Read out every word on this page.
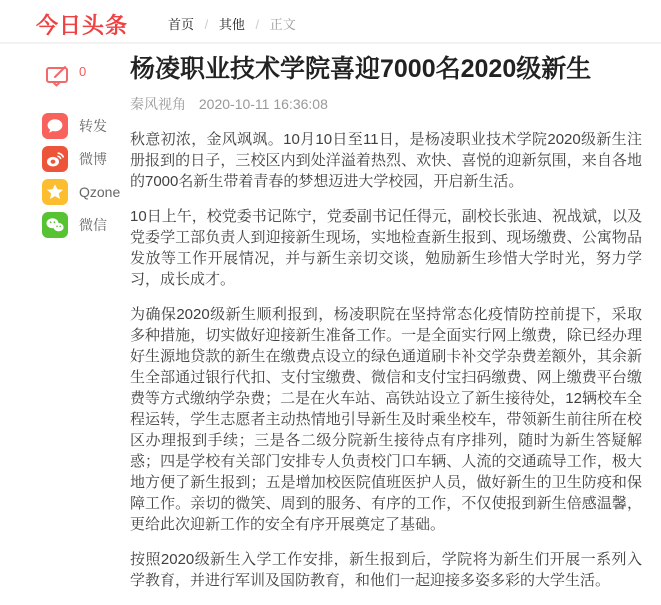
今日头条	首页 / 其他 / 正文
0
转发
微博
Qzone
微信
杨凌职业技术学院喜迎7000名2020级新生
秦风视角 2020-10-11 16:36:08

秋意初浓，金风飒飒。10月10日至11日，是杨凌职业技术学院2020级新生注册报到的日子，三校区内到处洋溢着热烈、欢快、喜悦的迎新氛围，来自各地的7000名新生带着青春的梦想迈进大学校园，开启新生活。

10日上午，校党委书记陈宁，党委副书记任得元，副校长张迪、祝战斌，以及党委学工部负责人到迎接新生现场，实地检查新生报到、现场缴费、公寓物品发放等工作开展情况，并与新生亲切交谈，勉励新生珍惜大学时光，努力学习，成长成才。

为确保2020级新生顺利报到，杨凌职院在坚持常态化疫情防控前提下，采取多种措施，切实做好迎接新生准备工作。一是全面实行网上缴费，除已经办理好生源地贷款的新生在缴费点设立的绿色通道刷卡补交学杂费差额外，其余新生全部通过银行代扣、支付宝缴费、微信和支付宝扫码缴费、网上缴费平台缴费等方式缴纳学杂费；二是在火车站、高铁站设立了新生接待处，12辆校车全程运转，学生志愿者主动热情地引导新生及时乘坐校车，带领新生前往所在校区办理报到手续；三是各二级分院新生接待点有序排列，随时为新生答疑解惑；四是学校有关部门安排专人负责校门口车辆、人流的交通疏导工作，极大地方便了新生报到；五是增加校医院值班医护人员，做好新生的卫生防疫和保障工作。亲切的微笑、周到的服务、有序的工作，不仅使报到新生倍感温馨，更给此次迎新工作的安全有序开展奠定了基础。

按照2020级新生入学工作安排，新生报到后，学院将为新生们开展一系列入学教育，并进行军训及国防教育，和他们一起迎接多姿多彩的大学生活。
